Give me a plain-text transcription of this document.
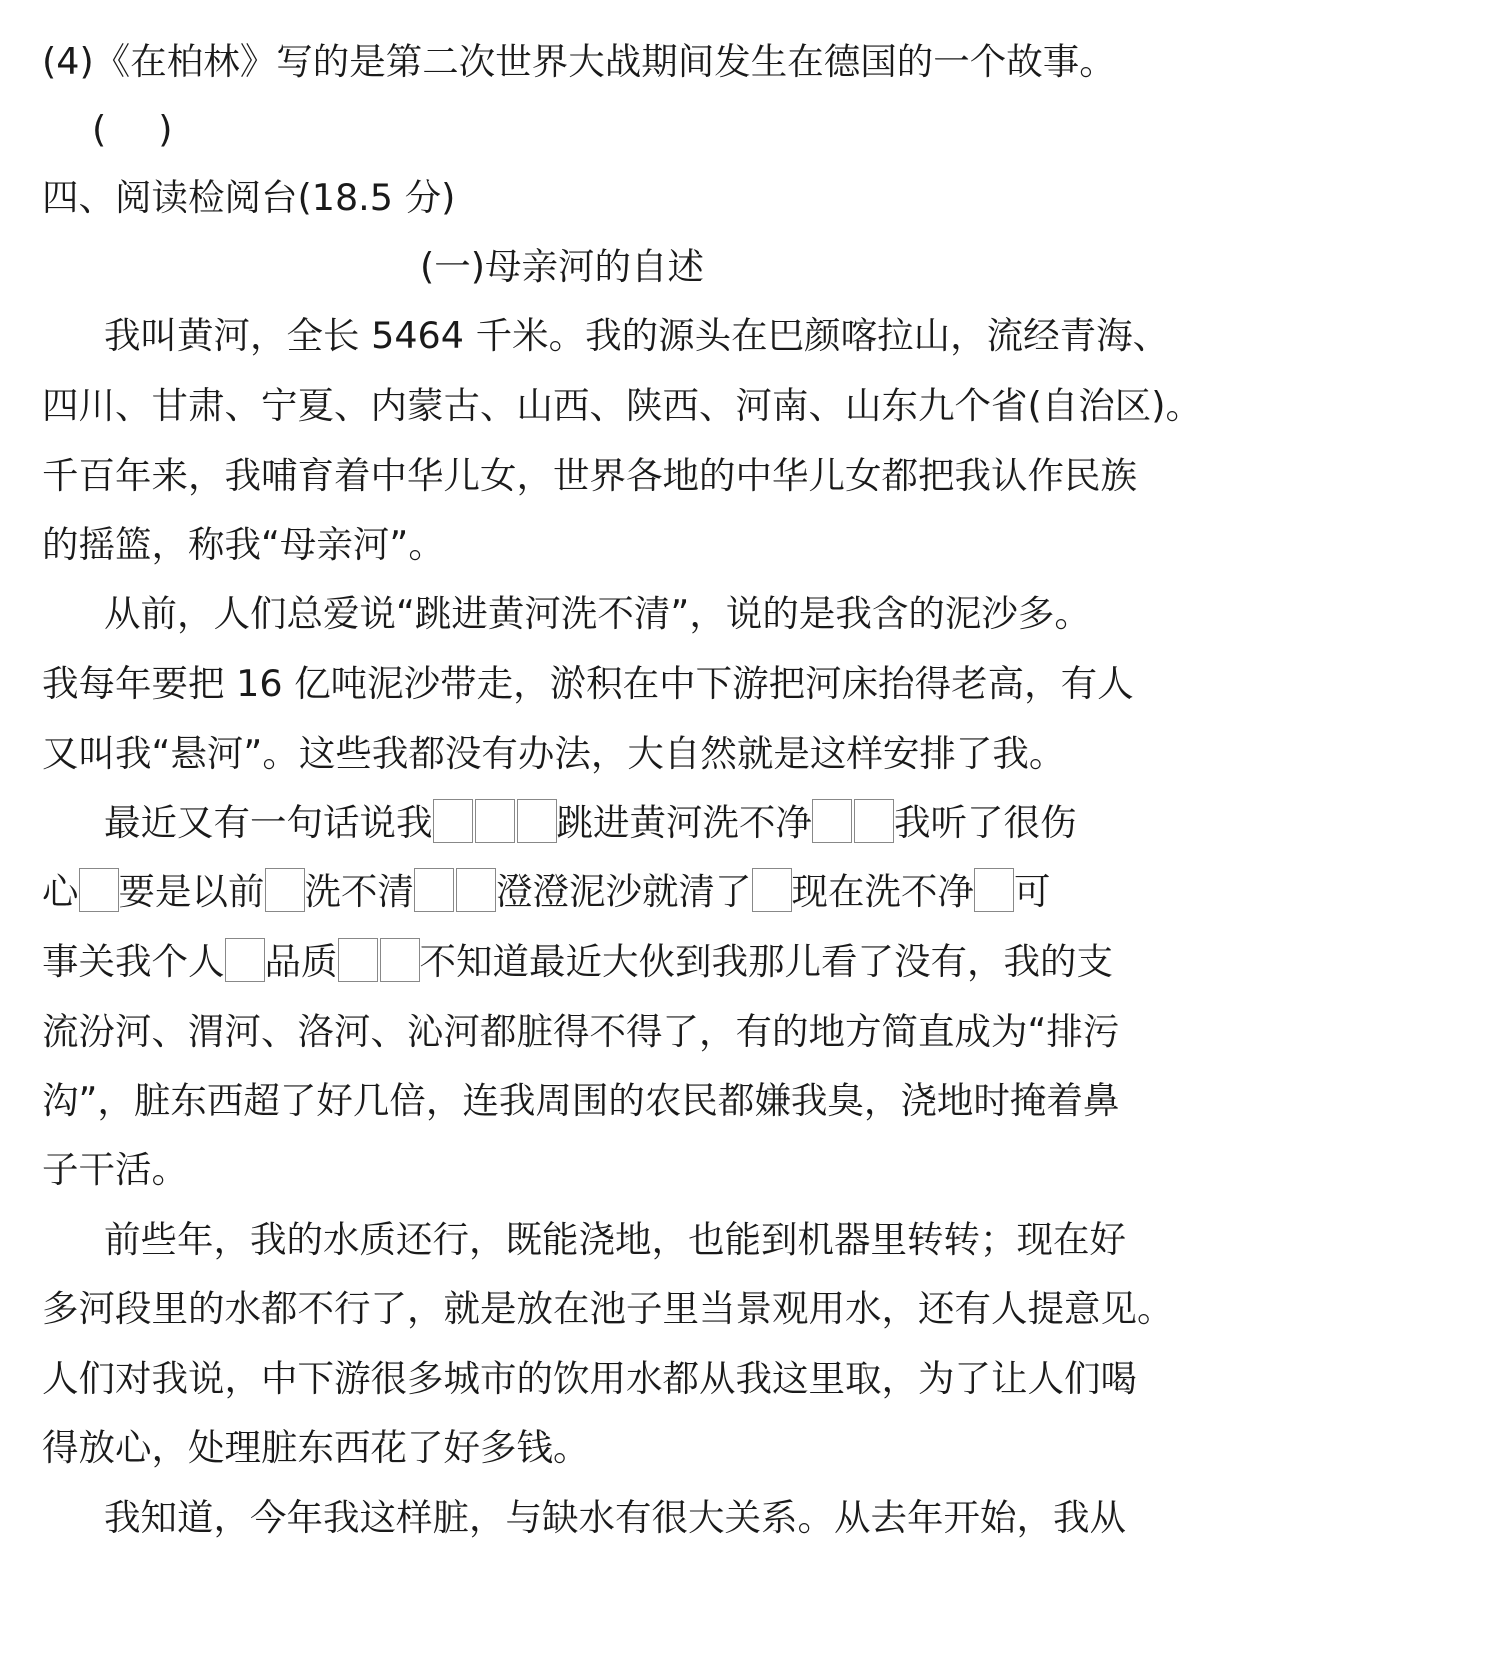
(4)《在柏林》写的是第二次世界大战期间发生在德国的一个故事。
( )
四、阅读检阅台(18.5 分)
(一)母亲河的自述
我叫黄河，全长 5464 千米。我的源头在巴颜喀拉山，流经青海、
四川、甘肃、宁夏、内蒙古、山西、陕西、河南、山东九个省(自治区)。
千百年来，我哺育着中华儿女，世界各地的中华儿女都把我认作民族
的摇篮，称我“母亲河”。
从前，人们总爱说“跳进黄河洗不清”，说的是我含的泥沙多。
我每年要把 16 亿吨泥沙带走，淤积在中下游把河床抬得老高，有人
又叫我“悬河”。这些我都没有办法，大自然就是这样安排了我。
最近又有一句话说我	跳进黄河洗不净 我听了很伤
心 要是以前 洗不清 澄澄泥沙就清了 现在洗不净 可
事关我个人 品质 不知道最近大伙到我那儿看了没有，我的支
流汾河、渭河、洛河、沁河都脏得不得了，有的地方简直成为“排污
沟”，脏东西超了好几倍，连我周围的农民都嫌我臭，浇地时掩着鼻
子干活。
前些年，我的水质还行，既能浇地，也能到机器里转转；现在好
多河段里的水都不行了，就是放在池子里当景观用水，还有人提意见。
人们对我说，中下游很多城市的饮用水都从我这里取，为了让人们喝
得放心，处理脏东西花了好多钱。
我知道，今年我这样脏，与缺水有很大关系。从去年开始，我从
